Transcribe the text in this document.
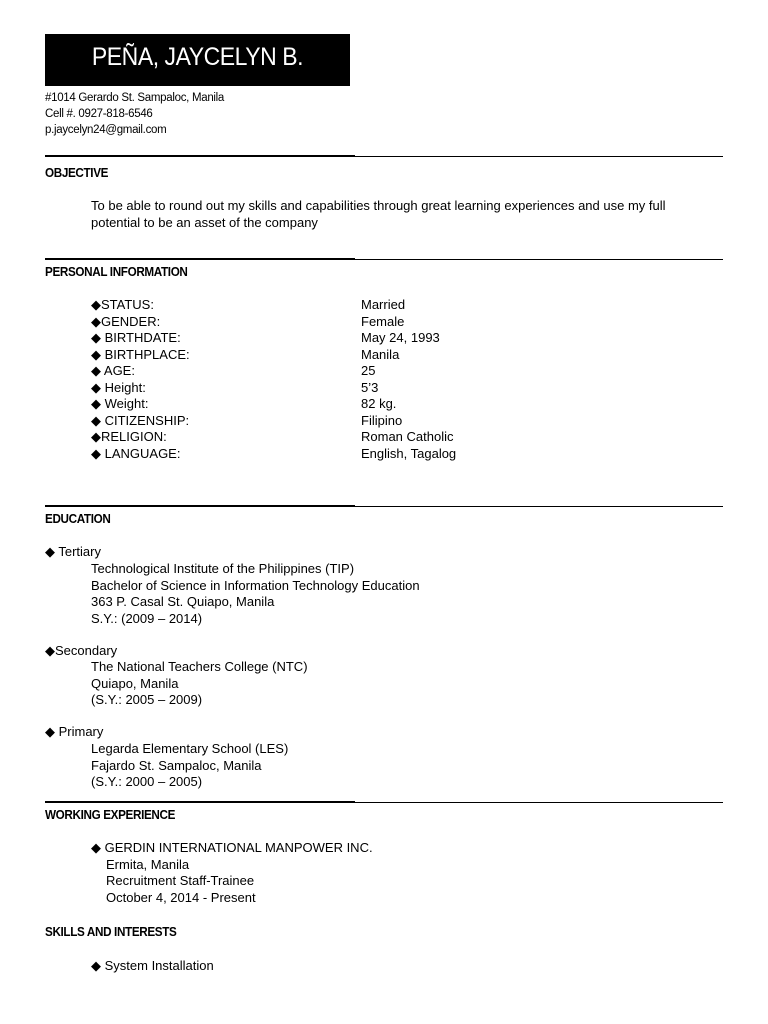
PEÑA, JAYCELYN B.
#1014 Gerardo St. Sampaloc, Manila
Cell #. 0927-818-6546
p.jaycelyn24@gmail.com
OBJECTIVE
To be able to round out my skills and capabilities through great learning experiences and use my full
potential to be an asset of the company
PERSONAL INFORMATION
◆STATUS:	Married
◆GENDER:	Female
◆ BIRTHDATE:	May 24, 1993
◆ BIRTHPLACE:	Manila
◆ AGE:	25
◆ Height:	5’3
◆ Weight:	82 kg.
◆ CITIZENSHIP:	Filipino
◆RELIGION:	Roman Catholic
◆ LANGUAGE:	English, Tagalog
EDUCATION
◆ Tertiary
Technological Institute of the Philippines (TIP)
Bachelor of Science in Information Technology Education
363 P. Casal St. Quiapo, Manila
S.Y.: (2009 – 2014)
◆Secondary
The National Teachers College (NTC)
Quiapo, Manila
(S.Y.: 2005 – 2009)
◆ Primary
Legarda Elementary School (LES)
Fajardo St. Sampaloc, Manila
(S.Y.: 2000 – 2005)
WORKING EXPERIENCE
◆ GERDIN INTERNATIONAL MANPOWER INC.
Ermita, Manila
Recruitment Staff-Trainee
October 4, 2014 - Present
SKILLS AND INTERESTS
◆ System Installation
